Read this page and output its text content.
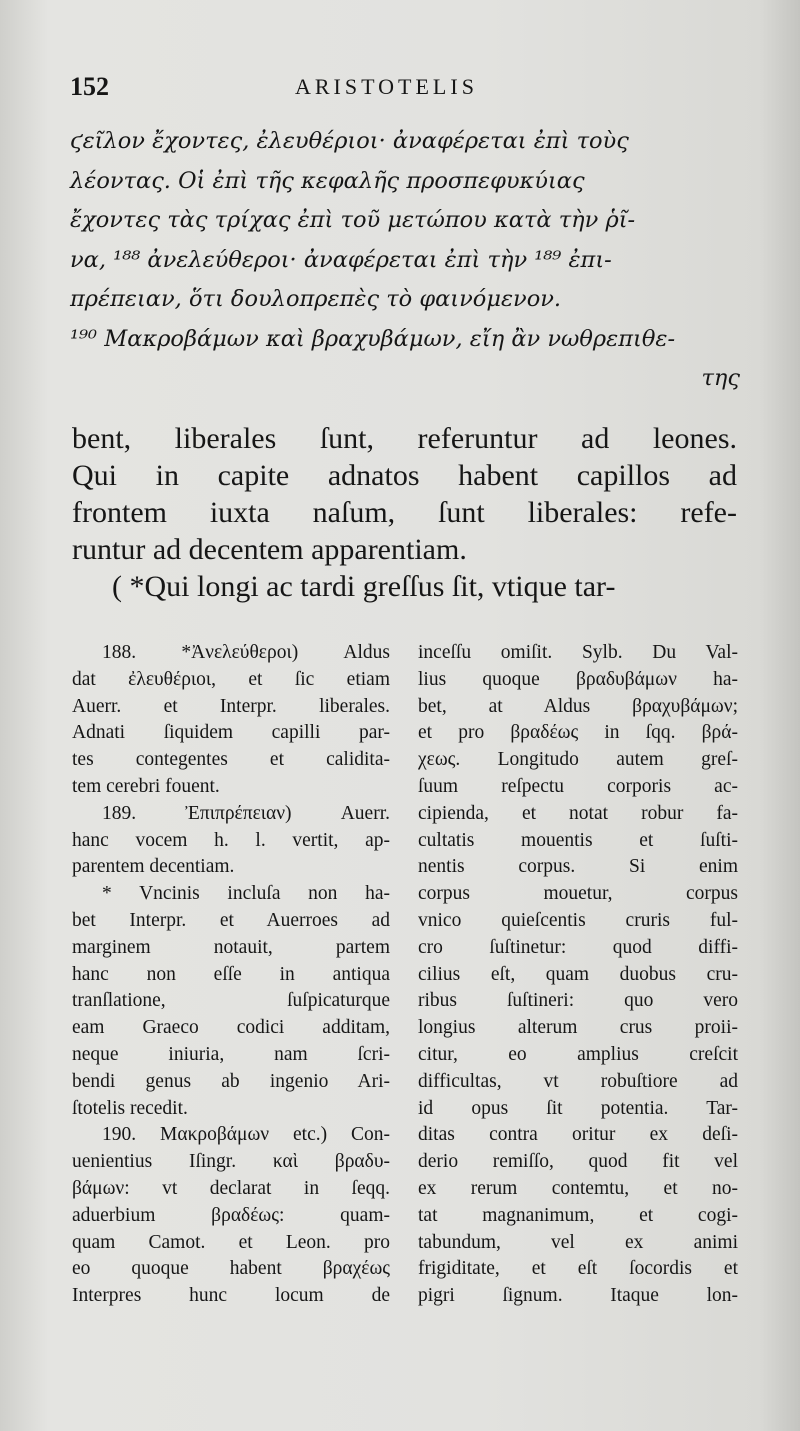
152	ARISTOTELIS
ϛεῖλον ἔχοντες, ἐλευθέριοι· ἀναφέρεται ἐπὶ τοὺς
λέοντας. Οἱ ἐπὶ τῆς κεφαλῆς προσπεφυκύιας
ἔχοντες τὰς τρίχας ἐπὶ τοῦ μετώπου κατὰ τὴν ῥῖ-
να, ¹⁸⁸ ἀνελεύθεροι· ἀναφέρεται ἐπὶ τὴν ¹⁸⁹ ἐπι-
πρέπειαν, ὅτι δουλοπρεπὲς τὸ φαινόμενον.
¹⁹⁰ Μακροβάμων καὶ βραχυβάμων, εἴη ἂν νωθρεπιθε-
της
bent, liberales ſunt, referuntur ad leones.
Qui in capite adnatos habent capillos ad
frontem iuxta naſum, ſunt liberales: refe-
runtur ad decentem apparentiam.
( *Qui longi ac tardi greſſus ſit, vtique tar-
188. *Ἀνελεύθεροι) Aldus
dat ἐλευθέριοι, et ſic etiam
Auerr. et Interpr. liberales.
Adnati ſiquidem capilli par-
tes contegentes et calidita-
tem cerebri fouent.
189. Ἐπιπρέπειαν) Auerr.
hanc vocem h. l. vertit, ap-
parentem decentiam.
* Vncinis incluſa non ha-
bet Interpr. et Auerroes ad
marginem notauit, partem
hanc non eſſe in antiqua
tranſlatione, ſuſpicaturque
eam Graeco codici additam,
neque iniuria, nam ſcri-
bendi genus ab ingenio Ari-
ſtotelis recedit.
190. Μακροβάμων etc.) Con-
uenientius Iſingr. καὶ βραδυ-
βάμων: vt declarat in ſeqq.
aduerbium βραδέως: quam-
quam Camot. et Leon. pro
eo quoque habent βραχέως
Interpres hunc locum de
inceſſu omiſit. Sylb. Du Val-
lius quoque βραδυβάμων ha-
bet, at Aldus βραχυβάμων;
et pro βραδέως in ſqq. βρά-
χεως. Longitudo autem greſ-
ſuum reſpectu corporis ac-
cipienda, et notat robur fa-
cultatis mouentis et ſuſti-
nentis corpus. Si enim
corpus mouetur, corpus
vnico quieſcentis cruris ful-
cro ſuſtinetur: quod diffi-
cilius eſt, quam duobus cru-
ribus ſuſtineri: quo vero
longius alterum crus proii-
citur, eo amplius creſcit
difficultas, vt robuſtiore ad
id opus ſit potentia. Tar-
ditas contra oritur ex deſi-
derio remiſſo, quod fit vel
ex rerum contemtu, et no-
tat magnanimum, et cogi-
tabundum, vel ex animi
frigiditate, et eſt ſocordis et
pigri ſignum. Itaque lon-
